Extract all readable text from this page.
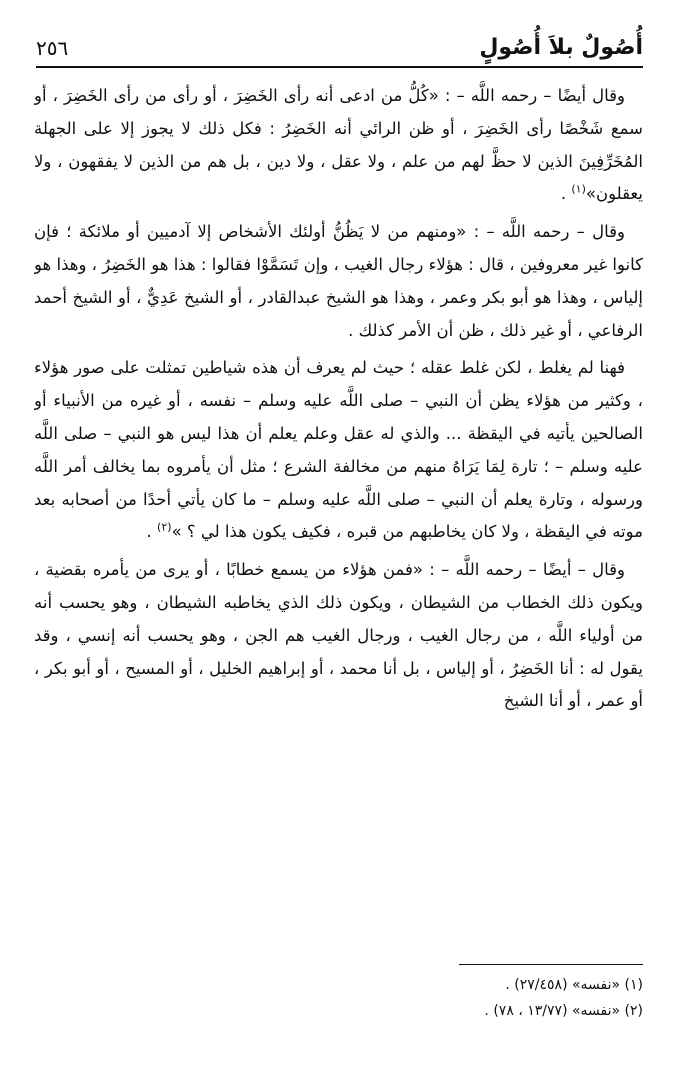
أُصُولٌ بلاَ أُصُولٍ
٢٥٦

وقال أيضًا – رحمه اللَّه – : «كُلُّ من ادعى أنه رأى الخَضِرَ ، أو رأى من رأى الخَضِرَ ، أو سمع شَخْصًا رأى الخَضِرَ ، أو ظن الرائي أنه الخَضِرُ : فكل ذلك لا يجوز إلا على الجهلة المُخَرِّفِينَ الذين لا حظَّ لهم من علم ، ولا عقل ، ولا دين ، بل هم من الذين لا يفقهون ، ولا يعقلون»$^{(١)}$ .

وقال – رحمه اللَّه – : «ومنهم من لا يَظُنُّ أولئك الأشخاص إلا آدميين أو ملائكة ؛ فإن كانوا غير معروفين ، قال : هؤلاء رجال الغيب ، وإن تَسَمَّوْا فقالوا : هذا هو الخَضِرُ ، وهذا هو إلياس ، وهذا هو أبو بكر وعمر ، وهذا هو الشيخ عبدالقادر ، أو الشيخ عَدِيٌّ ، أو الشيخ أحمد الرفاعي ، أو غير ذلك ، ظن أن الأمر كذلك .

فهنا لم يغلط ، لكن غلط عقله ؛ حيث لم يعرف أن هذه شياطين تمثلت على صور هؤلاء ، وكثير من هؤلاء يظن أن النبي – صلى اللَّه عليه وسلم – نفسه ، أو غيره من الأنبياء أو الصالحين يأتيه في اليقظة ... والذي له عقل وعلم يعلم أن هذا ليس هو النبي – صلى اللَّه عليه وسلم – ؛ تارة لِمَا يَرَاهُ منهم من مخالفة الشرع ؛ مثل أن يأمروه بما يخالف أمر اللَّه ورسوله ، وتارة يعلم أن النبي – صلى اللَّه عليه وسلم – ما كان يأتي أحدًا من أصحابه بعد موته في اليقظة ، ولا كان يخاطبهم من قبره ، فكيف يكون هذا لي ؟ »$^{(٢)}$ .

وقال – أيضًا – رحمه اللَّه – : «فمن هؤلاء من يسمع خطابًا ، أو يرى من يأمره بقضية ، ويكون ذلك الخطاب من الشيطان ، ويكون ذلك الذي يخاطبه الشيطان ، وهو يحسب أنه من أولياء اللَّه ، من رجال الغيب ، ورجال الغيب هم الجن ، وهو يحسب أنه إنسي ، وقد يقول له : أنا الخَضِرُ ، أو إلياس ، بل أنا محمد ، أو إبراهيم الخليل ، أو المسيح ، أو أبو بكر ، أو عمر ، أو أنا الشيخ

(١) «نفسه» (٢٧/٤٥٨) .

(٢) «نفسه» (١٣/٧٧ ، ٧٨) .
